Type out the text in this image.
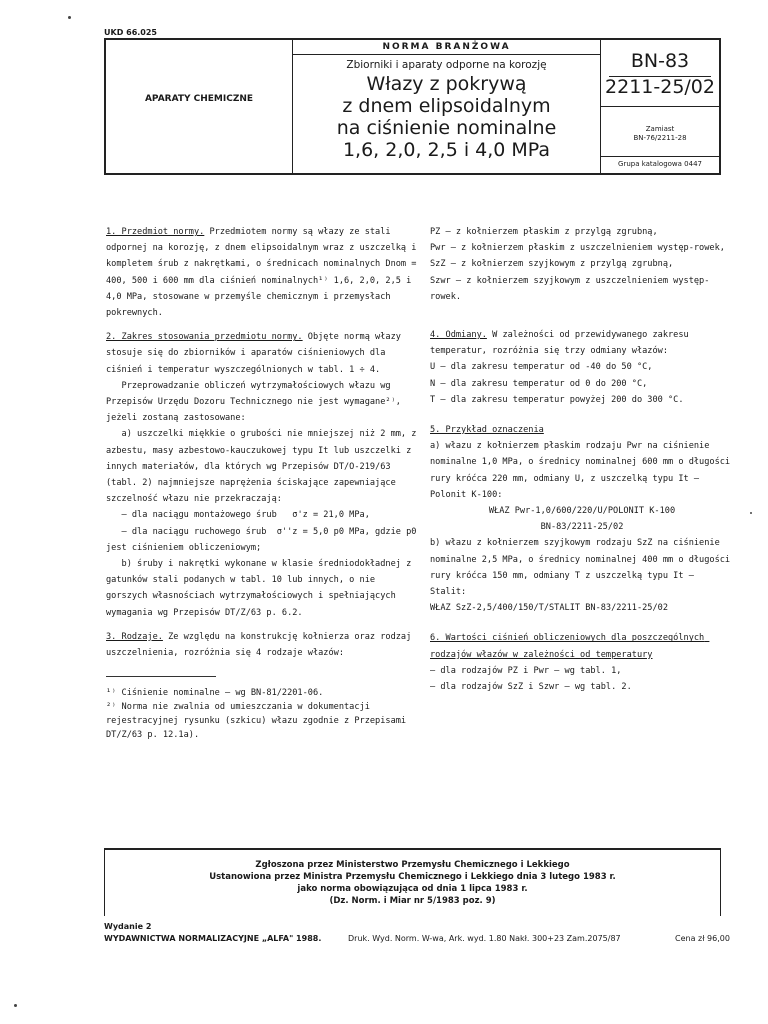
UKD 66.025
APARATY CHEMICZNE
NORMA BRANŻOWA
Zbiorniki i aparaty odporne na korozję
Włazy z pokrywą
z dnem elipsoidalnym
na ciśnienie nominalne
1,6, 2,0, 2,5 i 4,0 MPa
BN-83
2211-25/02
Zamiast
BN-76/2211-28
Grupa katalogowa 0447

1. Przedmiot normy. Przedmiotem normy są włazy ze stali odpornej na korozję, z dnem elipsoidalnym wraz z uszczelką i kompletem śrub z nakrętkami, o średnicach nominalnych Dnom = 400, 500 i 600 mm dla ciśnień nominalnych¹⁾ 1,6, 2,0, 2,5 i 4,0 MPa, stosowane w przemyśle chemicznym i przemysłach pokrewnych.

2. Zakres stosowania przedmiotu normy. Objęte normą włazy stosuje się do zbiorników i aparatów ciśnieniowych dla ciśnień i temperatur wyszczególnionych w tabl. 1 ÷ 4.

Przeprowadzanie obliczeń wytrzymałościowych włazu wg Przepisów Urzędu Dozoru Technicznego nie jest wymagane²⁾, jeżeli zostaną zastosowane:

a) uszczelki miękkie o grubości nie mniejszej niż 2 mm, z azbestu, masy azbestowo-kauczukowej typu It lub uszczelki z innych materiałów, dla których wg Przepisów DT/O-219/63 (tabl. 2) najmniejsze naprężenia ściskające zapewniające szczelność włazu nie przekraczają:

– dla naciągu montażowego śrub   σ'z = 21,0 MPa,

– dla naciągu ruchowego śrub  σ''z = 5,0 p0 MPa, gdzie p0 jest ciśnieniem obliczeniowym;

b) śruby i nakrętki wykonane w klasie średniodokładnej z gatunków stali podanych w tabl. 10 lub innych, o nie gorszych własnościach wytrzymałościowych i spełniających wymagania wg Przepisów DT/Z/63 p. 6.2.

3. Rodzaje. Ze względu na konstrukcję kołnierza oraz rodzaj uszczelnienia, rozróżnia się 4 rodzaje włazów:

¹⁾ Ciśnienie nominalne – wg BN-81/2201-06.

²⁾ Norma nie zwalnia od umieszczania w dokumentacji rejestracyjnej rysunku (szkicu) włazu zgodnie z Przepisami DT/Z/63 p. 12.1a).

PZ – z kołnierzem płaskim z przylgą zgrubną,

Pwr – z kołnierzem płaskim z uszczelnieniem występ-rowek,

SzZ – z kołnierzem szyjkowym z przylgą zgrubną,

Szwr – z kołnierzem szyjkowym z uszczelnieniem występ-rowek.

4. Odmiany. W zależności od przewidywanego zakresu temperatur, rozróżnia się trzy odmiany włazów:

U – dla zakresu temperatur od -40 do 50 °C,

N – dla zakresu temperatur od 0 do 200 °C,

T – dla zakresu temperatur powyżej 200 do 300 °C.

5. Przykład oznaczenia

a) włazu z kołnierzem płaskim rodzaju Pwr na ciśnienie nominalne 1,0 MPa, o średnicy nominalnej 600 mm o długości rury króćca 220 mm, odmiany U, z uszczelką typu It – Polonit K-100:

WŁAZ Pwr-1,0/600/220/U/POLONIT K-100

BN-83/2211-25/02

b) włazu z kołnierzem szyjkowym rodzaju SzZ na ciśnienie nominalne 2,5 MPa, o średnicy nominalnej 400 mm o długości rury króćca 150 mm, odmiany T z uszczelką typu It – Stalit:

WŁAZ SzZ-2,5/400/150/T/STALIT BN-83/2211-25/02

6. Wartości ciśnień obliczeniowych dla poszczególnych rodzajów włazów w zależności od temperatury

– dla rodzajów PZ i Pwr – wg tabl. 1,

– dla rodzajów SzZ i Szwr – wg tabl. 2.

Zgłoszona przez Ministerstwo Przemysłu Chemicznego i Lekkiego
Ustanowiona przez Ministra Przemysłu Chemicznego i Lekkiego dnia 3 lutego 1983 r.
jako norma obowiązująca od dnia 1 lipca 1983 r.
(Dz. Norm. i Miar nr 5/1983 poz. 9)
Wydanie 2
WYDAWNICTWA NORMALIZACYJNE „ALFA" 1988.	Druk. Wyd. Norm. W-wa, Ark. wyd. 1.80 Nakł. 300+23 Zam.2075/87	Cena zł 96,00
